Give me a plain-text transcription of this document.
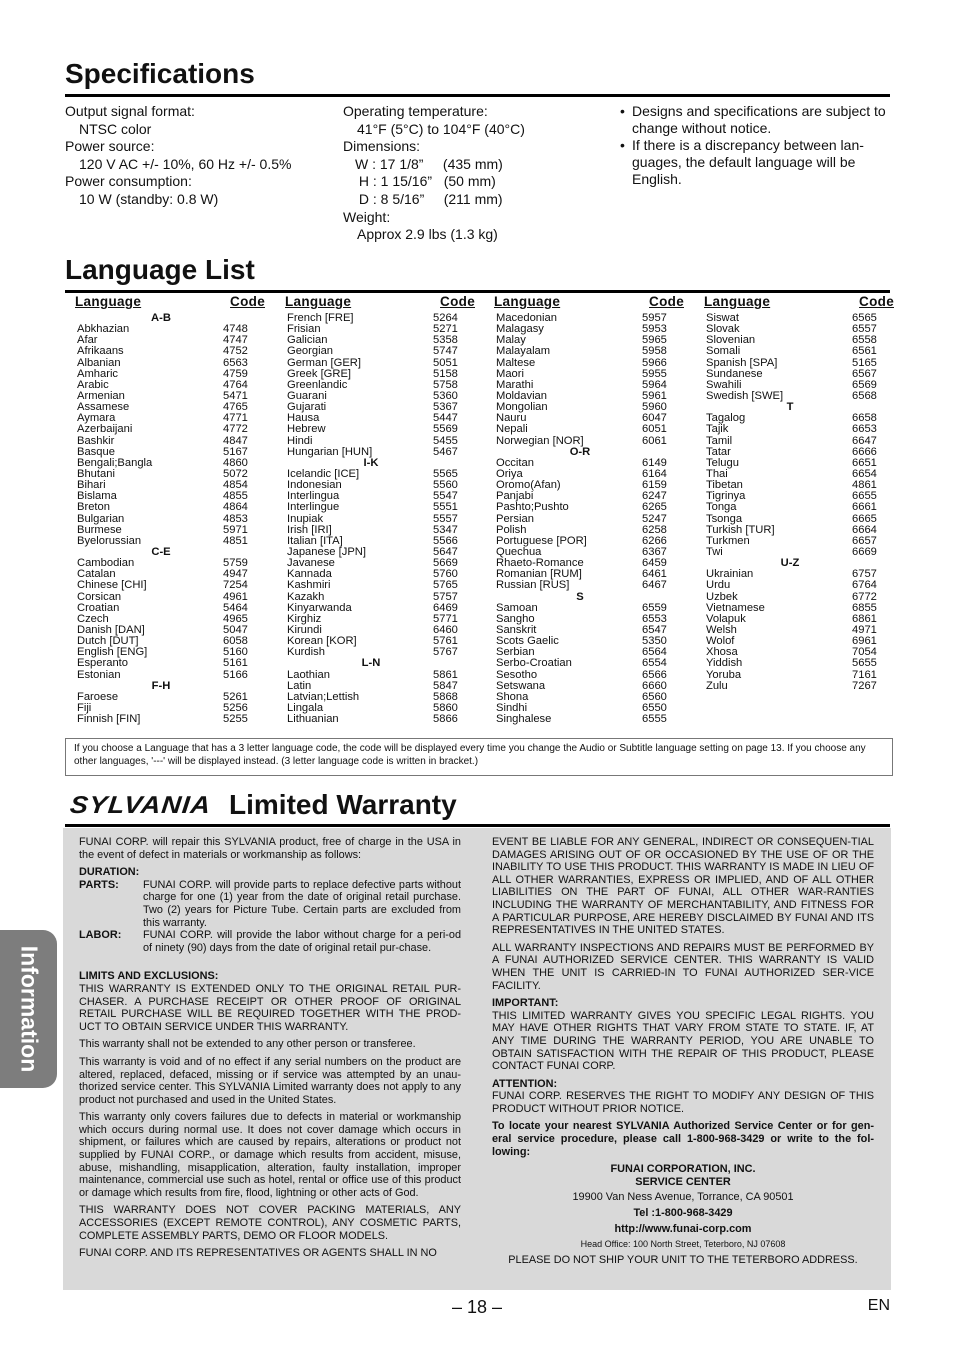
Specifications
Output signal format:
NTSC color
Power source:
120 V AC +/- 10%, 60 Hz +/- 0.5%
Power consumption:
10 W (standby: 0.8 W)
Operating temperature:
41°F (5°C) to 104°F (40°C)
Dimensions:
W : 17 1/8”     (435 mm)
H : 1 15/16”   (50 mm)
D : 8 5/16”     (211 mm)
Weight:
Approx 2.9 lbs (1.3 kg)
• Designs and specifications are subject to change without notice.
• If there is a discrepancy between lan-guages, the default language will be English.
Language List
Language	Code
A-B
Abkhazian	4748
Afar	4747
Afrikaans	4752
Albanian	6563
Amharic	4759
Arabic	4764
Armenian	5471
Assamese	4765
Aymara	4771
Azerbaijani	4772
Bashkir	4847
Basque	5167
Bengali;Bangla	4860
Bhutani	5072
Bihari	4854
Bislama	4855
Breton	4864
Bulgarian	4853
Burmese	5971
Byelorussian	4851
C-E
Cambodian	5759
Catalan	4947
Chinese [CHI]	7254
Corsican	4961
Croatian	5464
Czech	4965
Danish [DAN]	5047
Dutch [DUT]	6058
English [ENG]	5160
Esperanto	5161
Estonian	5166
F-H
Faroese	5261
Fiji	5256
Finnish [FIN]	5255
Language	Code
French [FRE]	5264
Frisian	5271
Galician	5358
Georgian	5747
German [GER]	5051
Greek [GRE]	5158
Greenlandic	5758
Guarani	5360
Gujarati	5367
Hausa	5447
Hebrew	5569
Hindi	5455
Hungarian [HUN]	5467
I-K
Icelandic [ICE]	5565
Indonesian	5560
Interlingua	5547
Interlingue	5551
Inupiak	5557
Irish [IRI]	5347
Italian [ITA]	5566
Japanese [JPN]	5647
Javanese	5669
Kannada	5760
Kashmiri	5765
Kazakh	5757
Kinyarwanda	6469
Kirghiz	5771
Kirundi	6460
Korean [KOR]	5761
Kurdish	5767
L-N
Laothian	5861
Latin	5847
Latvian;Lettish	5868
Lingala	5860
Lithuanian	5866
Language	Code
Macedonian	5957
Malagasy	5953
Malay	5965
Malayalam	5958
Maltese	5966
Maori	5955
Marathi	5964
Moldavian	5961
Mongolian	5960
Nauru	6047
Nepali	6051
Norwegian [NOR]	6061
O-R
Occitan	6149
Oriya	6164
Oromo(Afan)	6159
Panjabi	6247
Pashto;Pushto	6265
Persian	5247
Polish	6258
Portuguese [POR]	6266
Quechua	6367
Rhaeto-Romance	6459
Romanian [RUM]	6461
Russian [RUS]	6467
S
Samoan	6559
Sangho	6553
Sanskrit	6547
Scots Gaelic	5350
Serbian	6564
Serbo-Croatian	6554
Sesotho	6566
Setswana	6660
Shona	6560
Sindhi	6550
Singhalese	6555
Language	Code
Siswat	6565
Slovak	6557
Slovenian	6558
Somali	6561
Spanish [SPA]	5165
Sundanese	6567
Swahili	6569
Swedish [SWE]	6568
T
Tagalog	6658
Tajik	6653
Tamil	6647
Tatar	6666
Telugu	6651
Thai	6654
Tibetan	4861
Tigrinya	6655
Tonga	6661
Tsonga	6665
Turkish [TUR]	6664
Turkmen	6657
Twi	6669
U-Z
Ukrainian	6757
Urdu	6764
Uzbek	6772
Vietnamese	6855
Volapuk	6861
Welsh	4971
Wolof	6961
Xhosa	7054
Yiddish	5655
Yoruba	7161
Zulu	7267
If you choose a Language that has a 3 letter language code, the code will be displayed every time you change the Audio or Subtitle language setting on page 13. If you choose any other languages, '---' will be displayed instead. (3 letter language code is written in bracket.)
SYLVANIA Limited Warranty

FUNAI CORP. will repair this SYLVANIA product, free of charge in the USA in the event of defect in materials or workmanship as follows:

DURATION:
PARTS:	FUNAI CORP. will provide parts to replace defective parts without charge for one (1) year from the date of original retail purchase. Two (2) years for Picture Tube. Certain parts are excluded from this warranty.
LABOR:	FUNAI CORP. will provide the labor without charge for a peri-od of ninety (90) days from the date of original retail pur-chase.
LIMITS AND EXCLUSIONS:

THIS WARRANTY IS EXTENDED ONLY TO THE ORIGINAL RETAIL PUR-CHASER. A PURCHASE RECEIPT OR OTHER PROOF OF ORIGINAL RETAIL PURCHASE WILL BE REQUIRED TOGETHER WITH THE PROD-UCT TO OBTAIN SERVICE UNDER THIS WARRANTY.

This warranty shall not be extended to any other person or transferee.

This warranty is void and of no effect if any serial numbers on the product are altered, replaced, defaced, missing or if service was attempted by an unau-thorized service center. This SYLVANIA Limited warranty does not apply to any product not purchased and used in the United States.

This warranty only covers failures due to defects in material or workmanship which occurs during normal use. It does not cover damage which occurs in shipment, or failures which are caused by repairs, alterations or product not supplied by FUNAI CORP., or damage which results from accident, misuse, abuse, mishandling, misapplication, alteration, faulty installation, improper maintenance, commercial use such as hotel, rental or office use of this product or damage which results from fire, flood, lightning or other acts of God.

THIS WARRANTY DOES NOT COVER PACKING MATERIALS, ANY ACCESSORIES (EXCEPT REMOTE CONTROL), ANY COSMETIC PARTS, COMPLETE ASSEMBLY PARTS, DEMO OR FLOOR MODELS.

FUNAI CORP. AND ITS REPRESENTATIVES OR AGENTS SHALL IN NO

EVENT BE LIABLE FOR ANY GENERAL, INDIRECT OR CONSEQUEN-TIAL DAMAGES ARISING OUT OF OR OCCASIONED BY THE USE OF OR THE INABILITY TO USE THIS PRODUCT. THIS WARRANTY IS MADE IN LIEU OF ALL OTHER WARRANTIES, EXPRESS OR IMPLIED, AND OF ALL OTHER LIABILITIES ON THE PART OF FUNAI, ALL OTHER WAR-RANTIES INCLUDING THE WARRANTY OF MERCHANTABILITY, AND FITNESS FOR A PARTICULAR PURPOSE, ARE HEREBY DISCLAIMED BY FUNAI AND ITS REPRESENTATIVES IN THE UNITED STATES.

ALL WARRANTY INSPECTIONS AND REPAIRS MUST BE PERFORMED BY A FUNAI AUTHORIZED SERVICE CENTER. THIS WARRANTY IS VALID WHEN THE UNIT IS CARRIED-IN TO FUNAI AUTHORIZED SER-VICE FACILITY.

IMPORTANT:

THIS LIMITED WARRANTY GIVES YOU SPECIFIC LEGAL RIGHTS. YOU MAY HAVE OTHER RIGHTS THAT VARY FROM STATE TO STATE. IF, AT ANY TIME DURING THE WARRANTY PERIOD, YOU ARE UNABLE TO OBTAIN SATISFACTION WITH THE REPAIR OF THIS PRODUCT, PLEASE CONTACT FUNAI CORP.

ATTENTION:

FUNAI CORP. RESERVES THE RIGHT TO MODIFY ANY DESIGN OF THIS PRODUCT WITHOUT PRIOR NOTICE.

To locate your nearest SYLVANIA Authorized Service Center or for gen-eral service procedure, please call 1-800-968-3429 or write to the fol-lowing:

FUNAI CORPORATION, INC.
SERVICE CENTER
19900 Van Ness Avenue, Torrance, CA 90501
Tel :1-800-968-3429
http://www.funai-corp.com
Head Office: 100 North Street, Teterboro, NJ 07608
PLEASE DO NOT SHIP YOUR UNIT TO THE TETERBORO ADDRESS.
Information
– 18 –	EN
